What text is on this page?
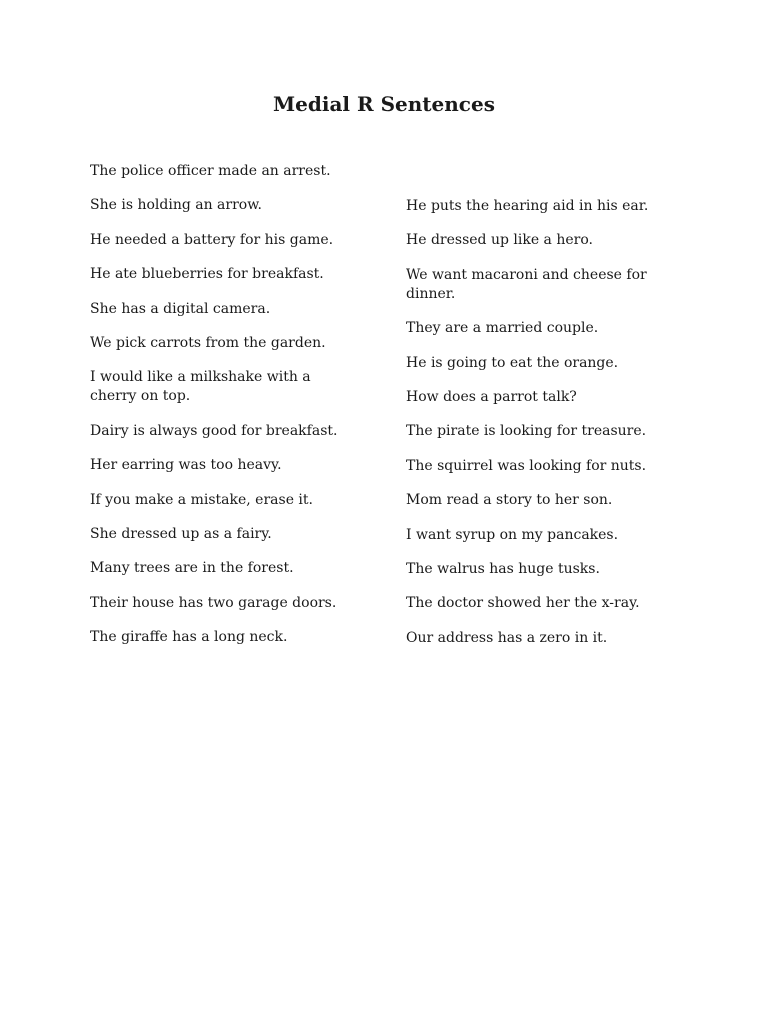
Medial R Sentences
The police officer made an arrest.
She is holding an arrow.
He needed a battery for his game.
He ate blueberries for breakfast.
She has a digital camera.
We pick carrots from the garden.
I would like a milkshake with a cherry on top.
Dairy is always good for breakfast.
Her earring was too heavy.
If you make a mistake, erase it.
She dressed up as a fairy.
Many trees are in the forest.
Their house has two garage doors.
The giraffe has a long neck.
He puts the hearing aid in his ear.
He dressed up like a hero.
We want macaroni and cheese for dinner.
They are a married couple.
He is going to eat the orange.
How does a parrot talk?
The pirate is looking for treasure.
The squirrel was looking for nuts.
Mom read a story to her son.
I want syrup on my pancakes.
The walrus has huge tusks.
The doctor showed her the x-ray.
Our address has a zero in it.
